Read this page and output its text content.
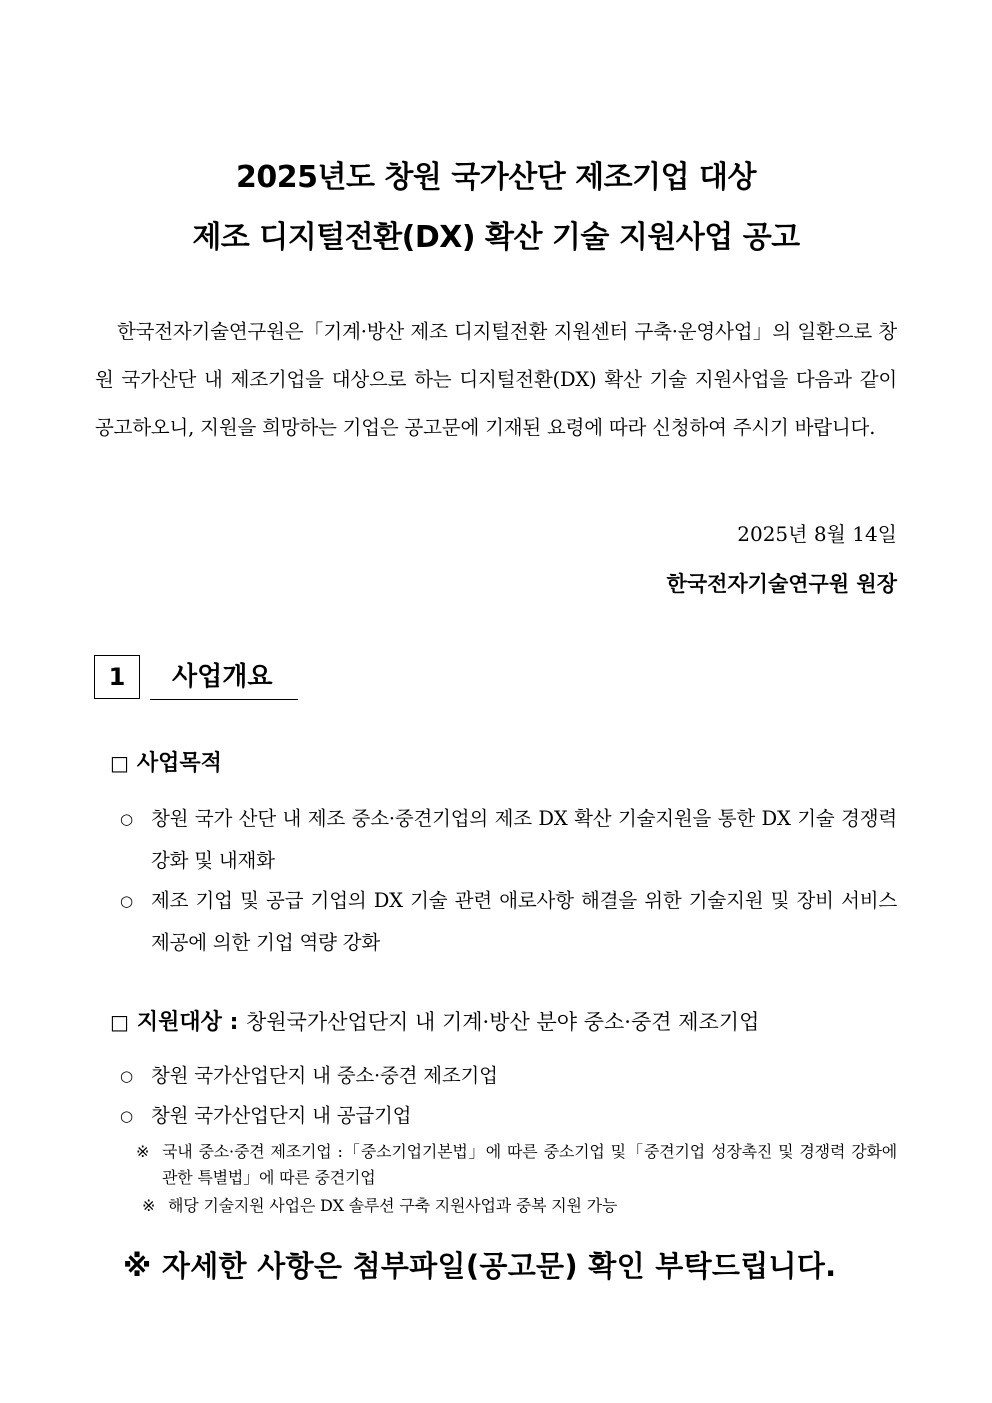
2025년도 창원 국가산단 제조기업 대상
제조 디지털전환(DX) 확산 기술 지원사업 공고
한국전자기술연구원은「기계·방산 제조 디지털전환 지원센터 구축·운영사업」의 일환으로 창원 국가산단 내 제조기업을 대상으로 하는 디지털전환(DX) 확산 기술 지원사업을 다음과 같이 공고하오니, 지원을 희망하는 기업은 공고문에 기재된 요령에 따라 신청하여 주시기 바랍니다.
2025년 8월 14일
한국전자기술연구원 원장
1	사업개요
□ 사업목적
○ 창원 국가 산단 내 제조 중소·중견기업의 제조 DX 확산 기술지원을 통한 DX 기술 경쟁력 강화 및 내재화
○ 제조 기업 및 공급 기업의 DX 기술 관련 애로사항 해결을 위한 기술지원 및 장비 서비스 제공에 의한 기업 역량 강화
□ 지원대상 : 창원국가산업단지 내 기계·방산 분야 중소·중견 제조기업
○ 창원 국가산업단지 내 중소·중견 제조기업
○ 창원 국가산업단지 내 공급기업
※ 국내 중소·중견 제조기업 :「중소기업기본법」에 따른 중소기업 및「중견기업 성장촉진 및 경쟁력 강화에 관한 특별법」에 따른 중견기업
※ 해당 기술지원 사업은 DX 솔루션 구축 지원사업과 중복 지원 가능
※ 자세한 사항은 첨부파일(공고문) 확인 부탁드립니다.
